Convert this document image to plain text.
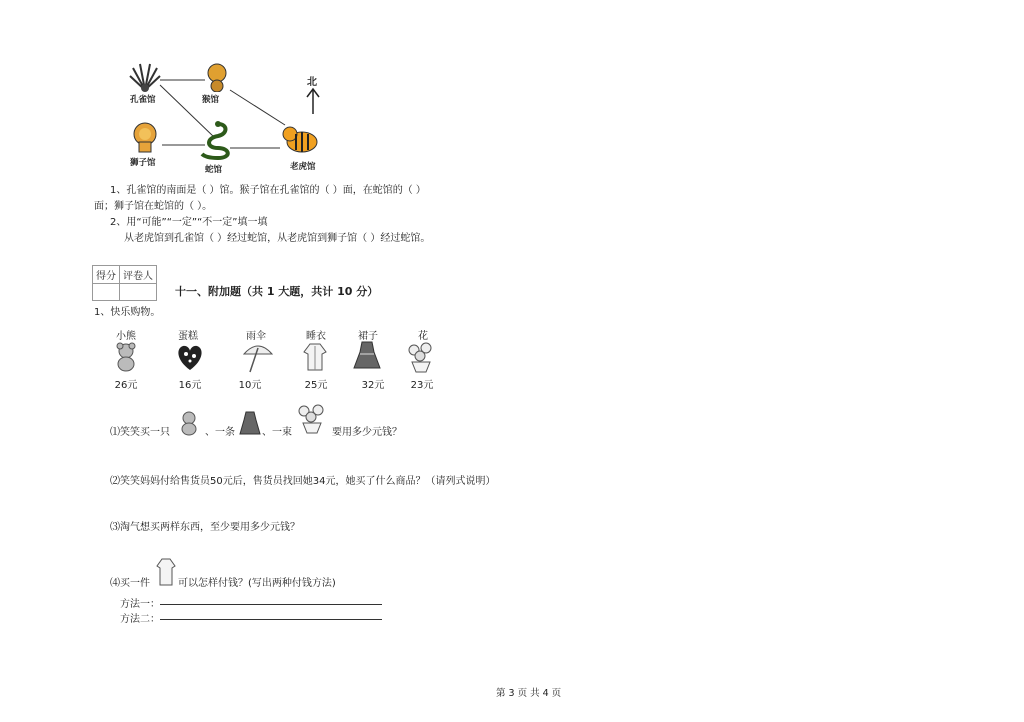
孔雀馆	猴馆
狮子馆
蛇馆	老虎馆
北
1、孔雀馆的南面是（ ）馆。猴子馆在孔雀馆的（ ）面，在蛇馆的（ ）
面；狮子馆在蛇馆的（ ）。
2、用“可能”“一定”“不一定”填一填
从老虎馆到孔雀馆（ ）经过蛇馆，从老虎馆到狮子馆（ ）经过蛇馆。
得分	评卷人

十一、附加题（共 1 大题，共计 10 分）
1、快乐购物。
小熊
26元
蛋糕
16元
雨伞
10元
睡衣
25元
裙子
32元
花
23元
⑴笑笑买一只	、一条	、一束	要用多少元钱？
⑵笑笑妈妈付给售货员50元后，售货员找回她34元，她买了什么商品？（请列式说明）
⑶淘气想买两样东西，至少要用多少元钱？
⑷买一件	可以怎样付钱？(写出两种付钱方法)
方法一：
方法二：
第 3 页 共 4 页
